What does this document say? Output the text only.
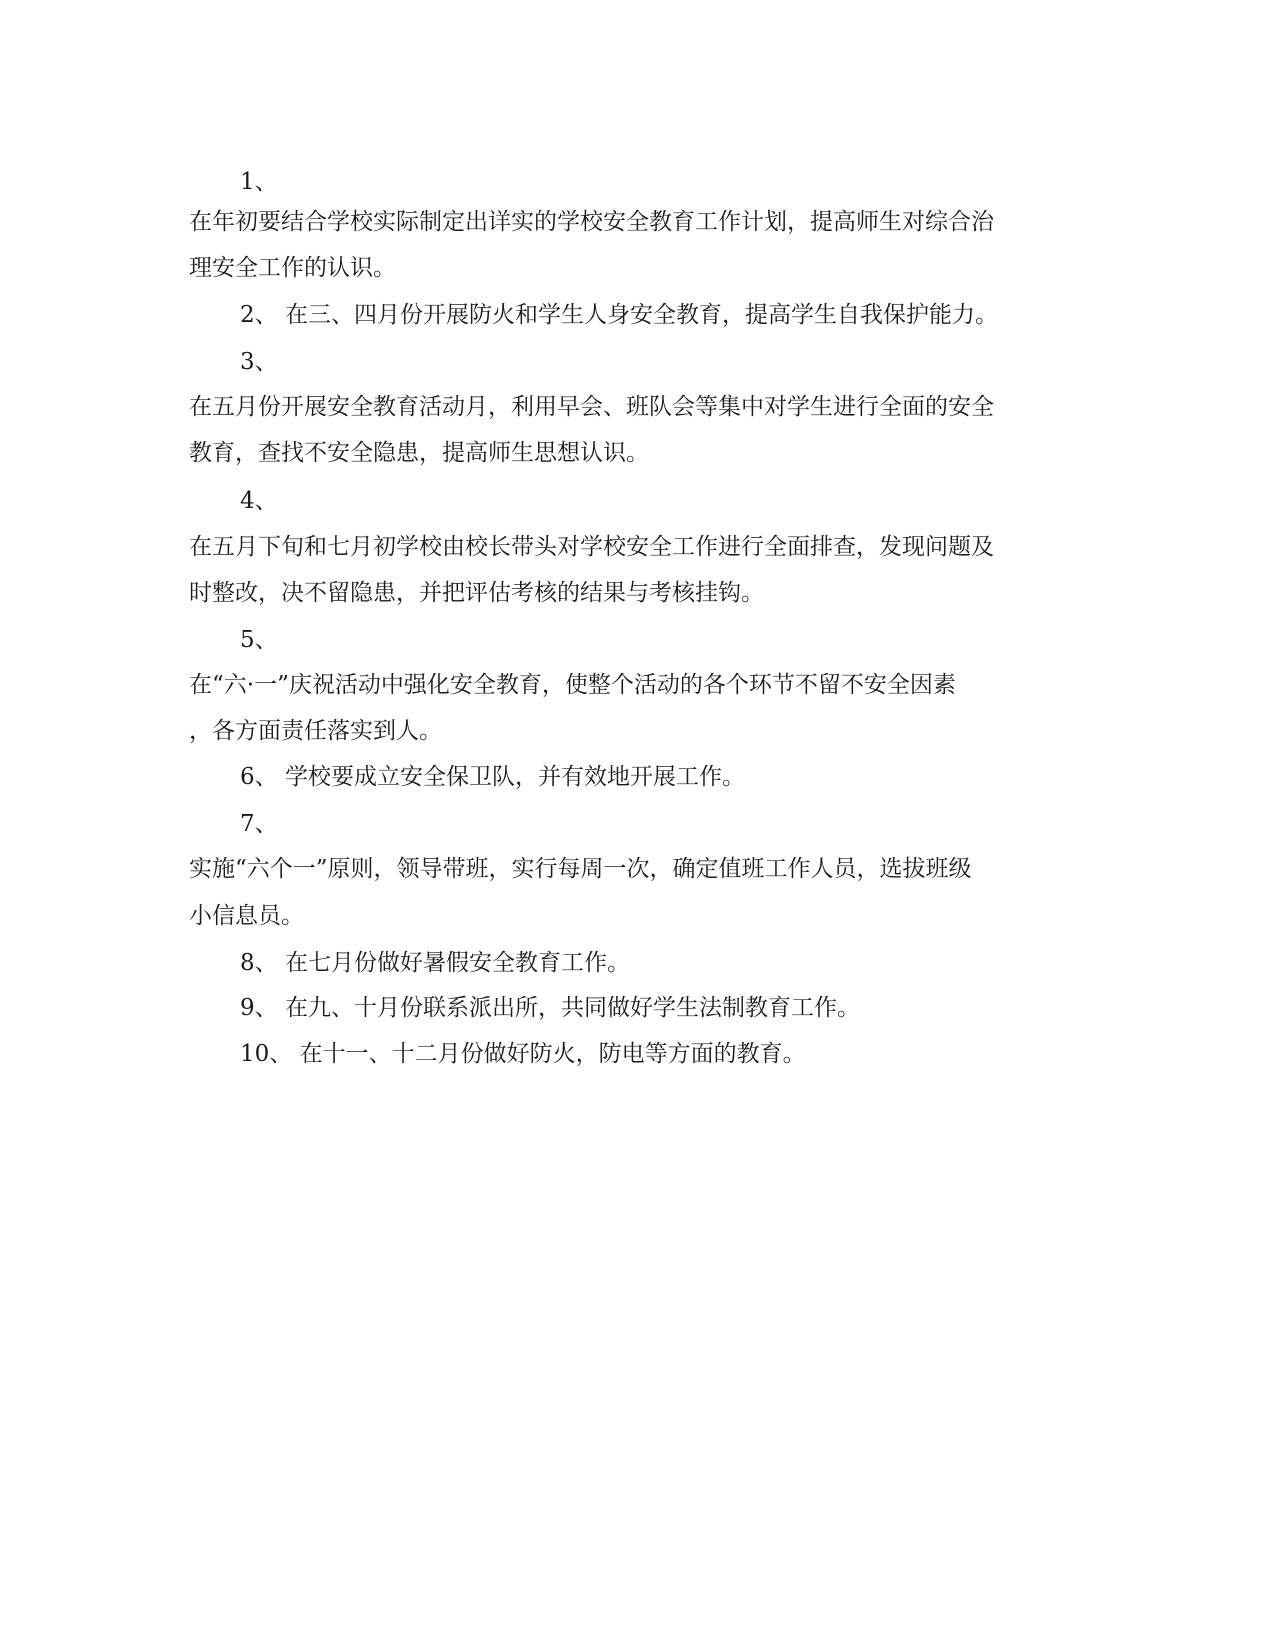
1、
在年初要结合学校实际制定出详实的学校安全教育工作计划，提高师生对综合治
理安全工作的认识。
2、 在三、四月份开展防火和学生人身安全教育，提高学生自我保护能力。
3、
在五月份开展安全教育活动月，利用早会、班队会等集中对学生进行全面的安全
教育，查找不安全隐患，提高师生思想认识。
4、
在五月下旬和七月初学校由校长带头对学校安全工作进行全面排查，发现问题及
时整改，决不留隐患，并把评估考核的结果与考核挂钩。
5、
在“六·一”庆祝活动中强化安全教育，使整个活动的各个环节不留不安全因素
，各方面责任落实到人。
6、 学校要成立安全保卫队，并有效地开展工作。
7、
实施“六个一”原则，领导带班，实行每周一次，确定值班工作人员，选拔班级
小信息员。
8、 在七月份做好暑假安全教育工作。
9、 在九、十月份联系派出所，共同做好学生法制教育工作。
10、 在十一、十二月份做好防火，防电等方面的教育。
